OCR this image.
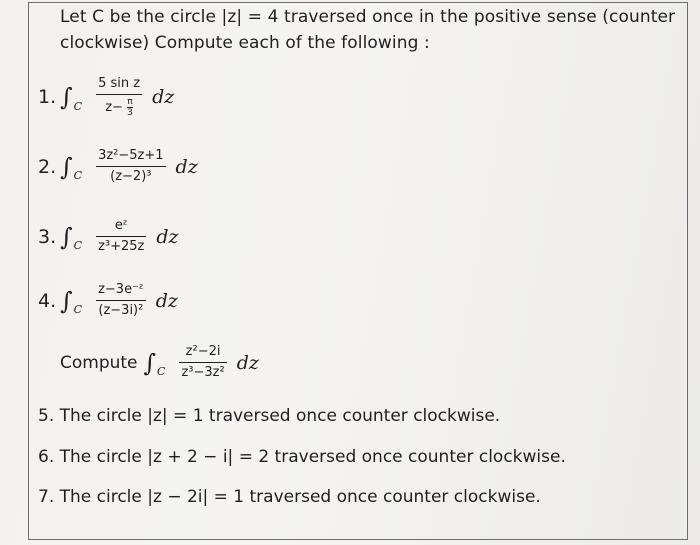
Let C be the circle |z| = 4 traversed once in the positive sense (counter clockwise) Compute each of the following :
1. ∫ C $\frac{\text{5 sin z}}{z- \frac{\pi}{3}}$ dz
2. ∫ C $\frac{\text{3z²−5z+1}}{\text{(z−2)³}}$ dz
3. ∫ C $\frac{\text{eᶻ}}{\text{z³+25z}}$ dz
4. ∫ C $\frac{\text{z−3e⁻ᶻ}}{\text{(z−3i)²}}$ dz
Compute ∫ C $\frac{\text{z²−2i}}{\text{z³−3z²}}$ dz
5. The circle |z| = 1 traversed once counter clockwise.
6. The circle |z + 2 − i| = 2 traversed once counter clockwise.
7. The circle |z − 2i| = 1 traversed once counter clockwise.
